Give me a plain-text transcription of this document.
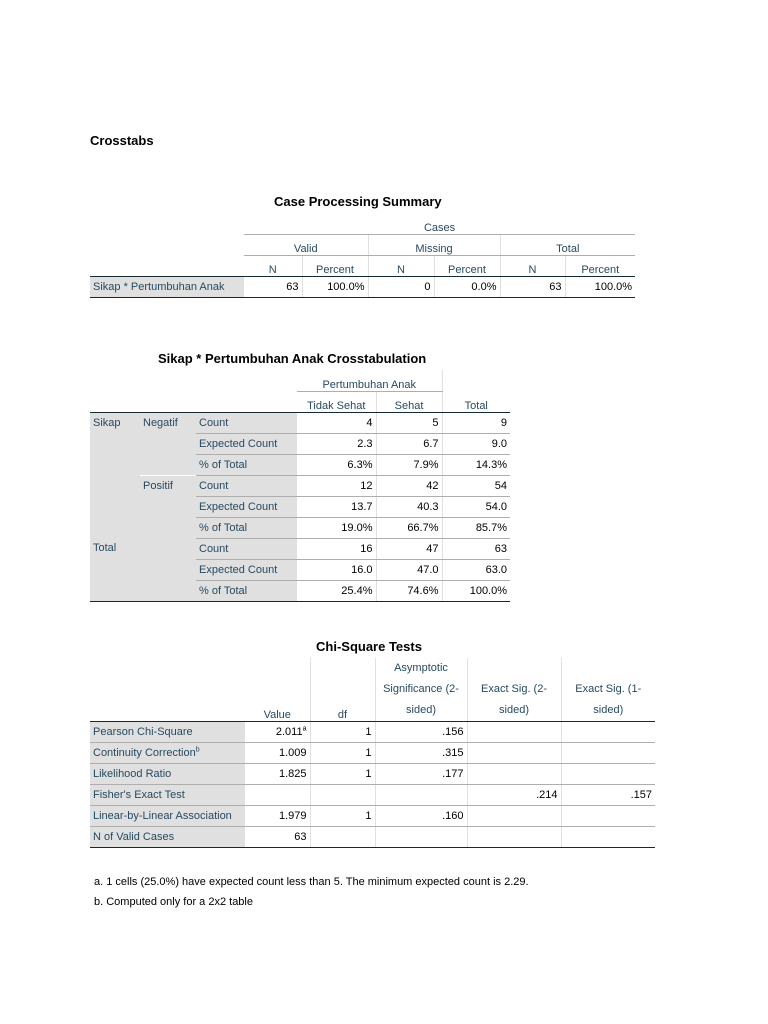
Crosstabs
Case Processing Summary
	Cases					
	Valid		Missing		Total	
	N	Percent	N	Percent	N	Percent
Sikap * Pertumbuhan Anak	63	100.0%	0	0.0%	63	100.0%
Sikap * Pertumbuhan Anak Crosstabulation
			Pertumbuhan Anak		
			Tidak Sehat	Sehat	Total
Sikap	Negatif	Count	4	5	9
		Expected Count	2.3	6.7	9.0
		% of Total	6.3%	7.9%	14.3%
	Positif	Count	12	42	54
		Expected Count	13.7	40.3	54.0
		% of Total	19.0%	66.7%	85.7%
Total		Count	16	47	63
		Expected Count	16.0	47.0	63.0
		% of Total	25.4%	74.6%	100.0%
Chi-Square Tests
	Value	df	Asymptotic Significance (2-sided)	Exact Sig. (2-sided)	Exact Sig. (1-sided)
Pearson Chi-Square	2.011$^a$	1	.156		
Continuity Correction$^b$	1.009	1	.315		
Likelihood Ratio	1.825	1	.177		
Fisher's Exact Test				.214	.157
Linear-by-Linear Association	1.979	1	.160		
N of Valid Cases	63				
a. 1 cells (25.0%) have expected count less than 5. The minimum expected count is 2.29.
b. Computed only for a 2x2 table
